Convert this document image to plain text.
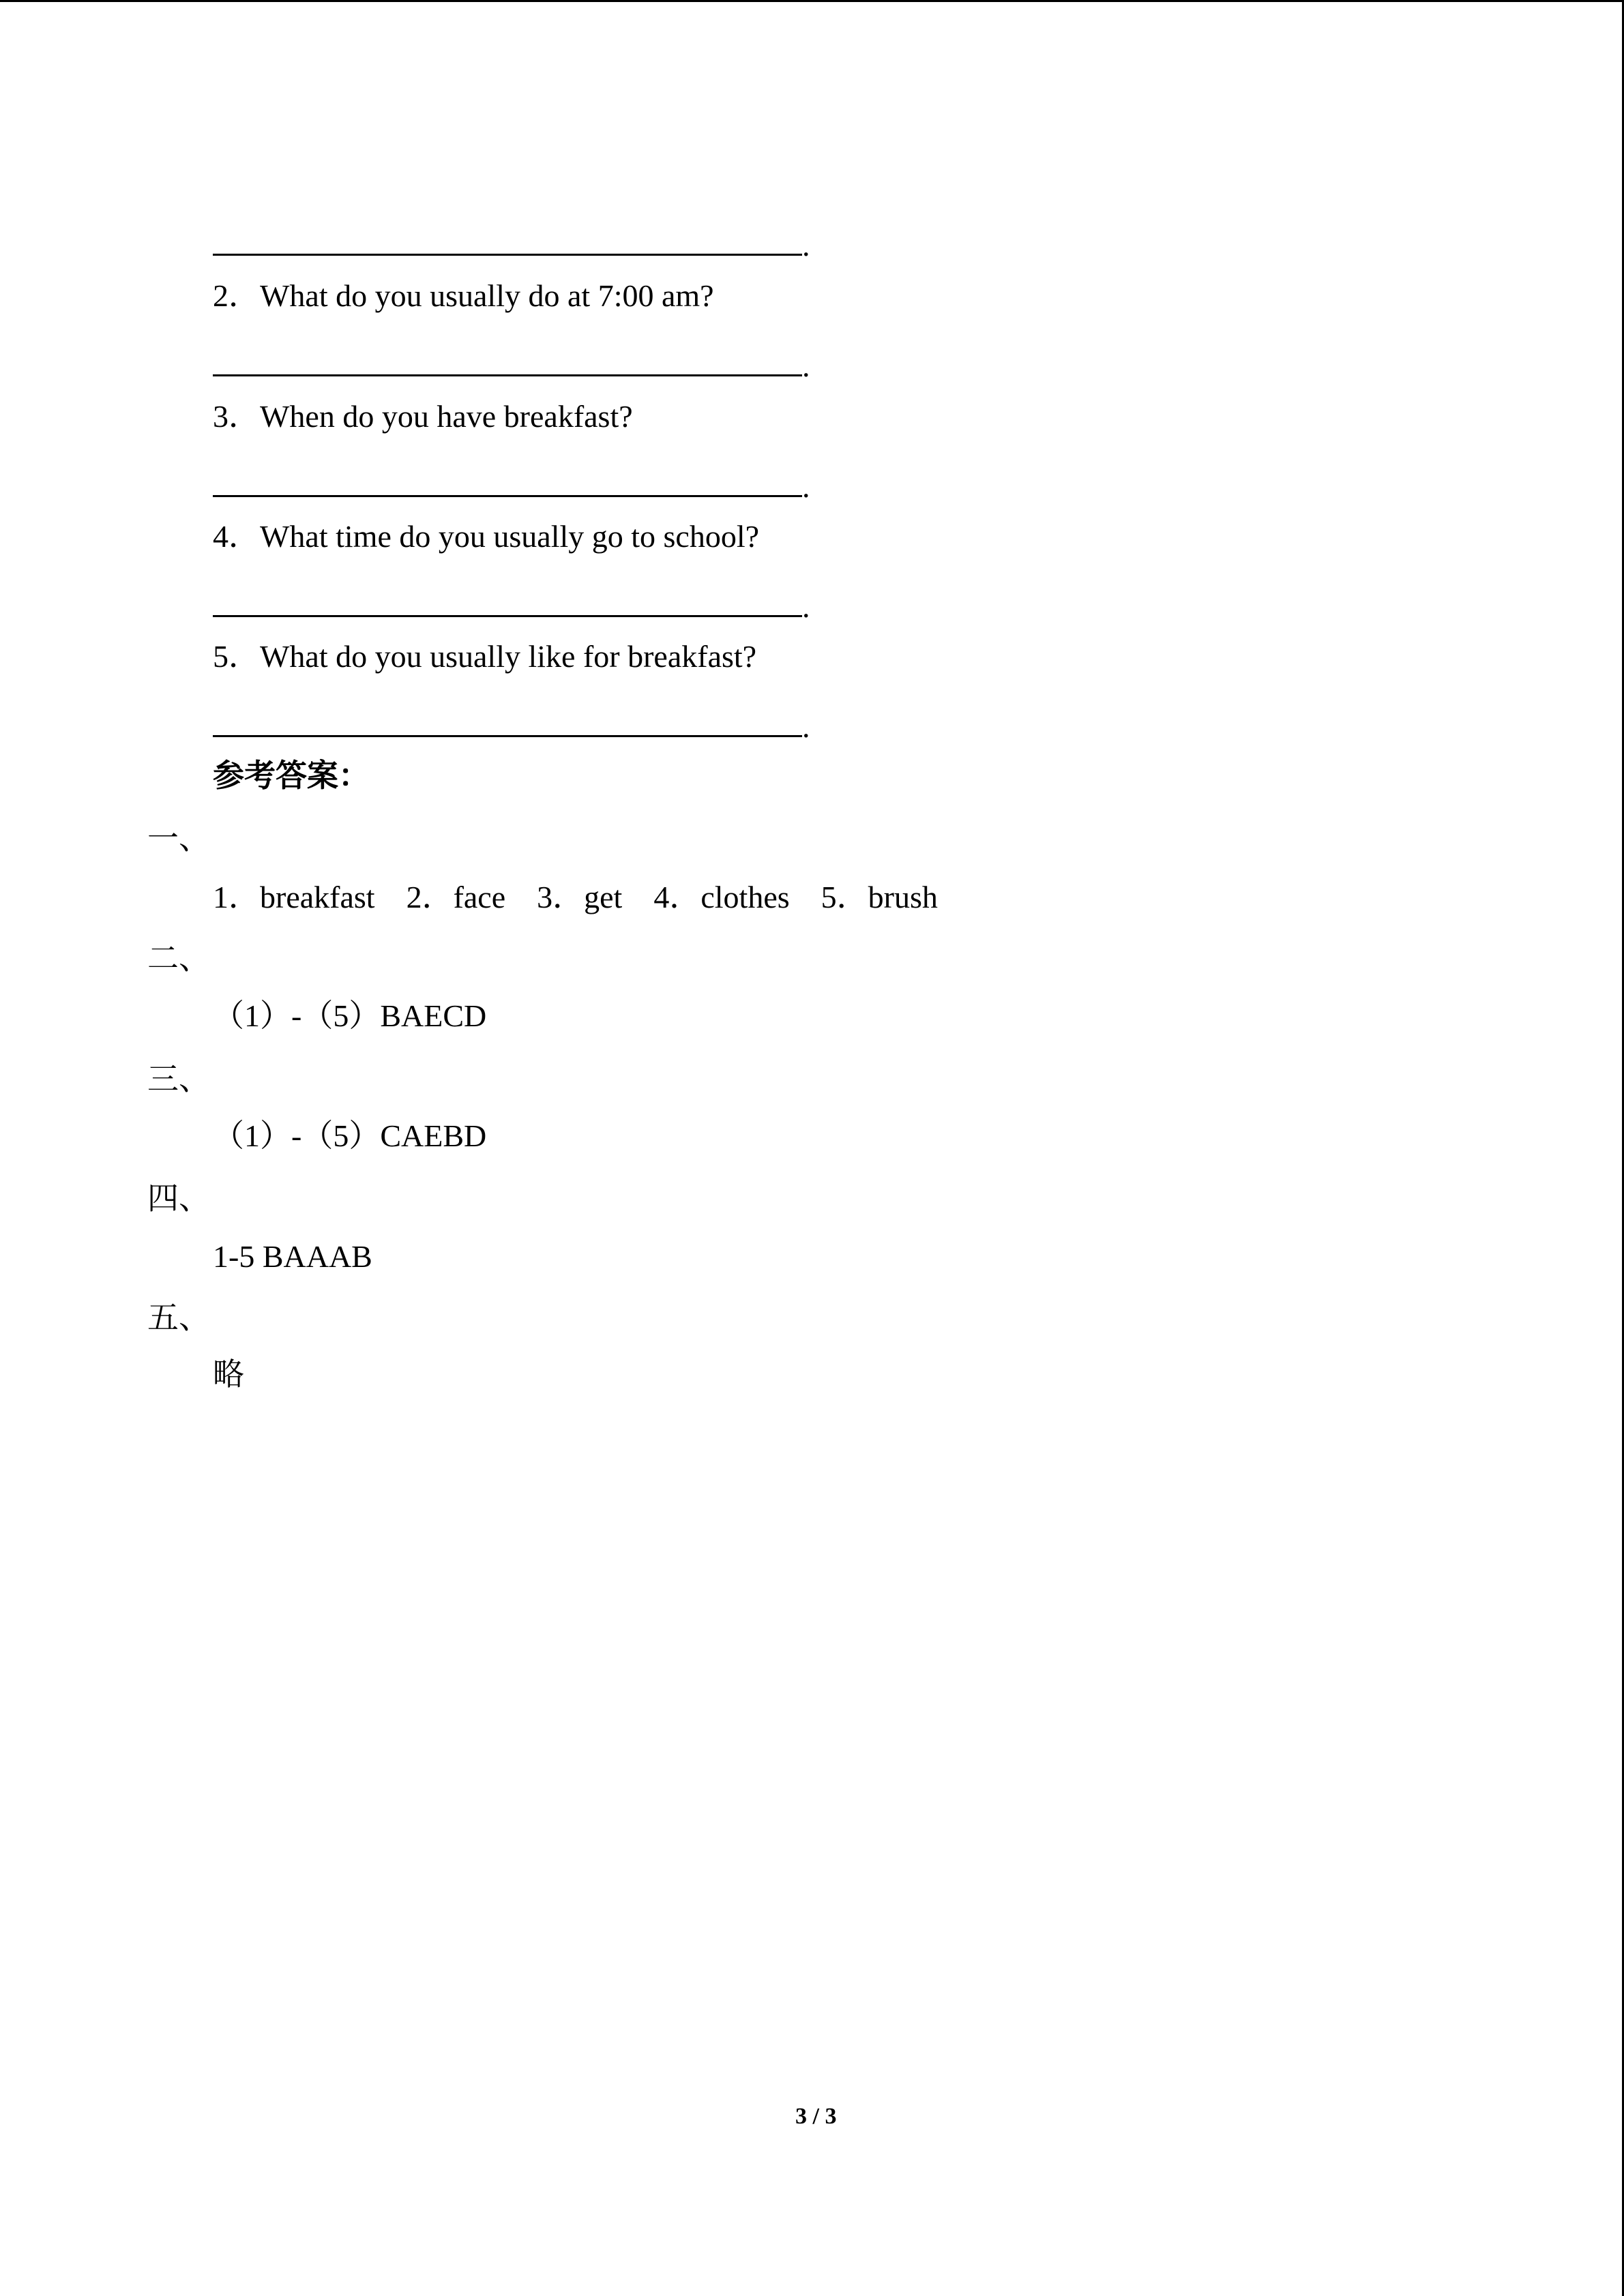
.
2．What do you usually do at 7:00 am?
.
3．When do you have breakfast?
.
4．What time do you usually go to school?
.
5．What do you usually like for breakfast?
.
参考答案：
一、
1．breakfast    2．face    3．get    4．clothes    5．brush
二、
（1）-（5）BAECD
三、
（1）-（5）CAEBD
四、
1-5 BAAAB
五、
略
3 / 3
